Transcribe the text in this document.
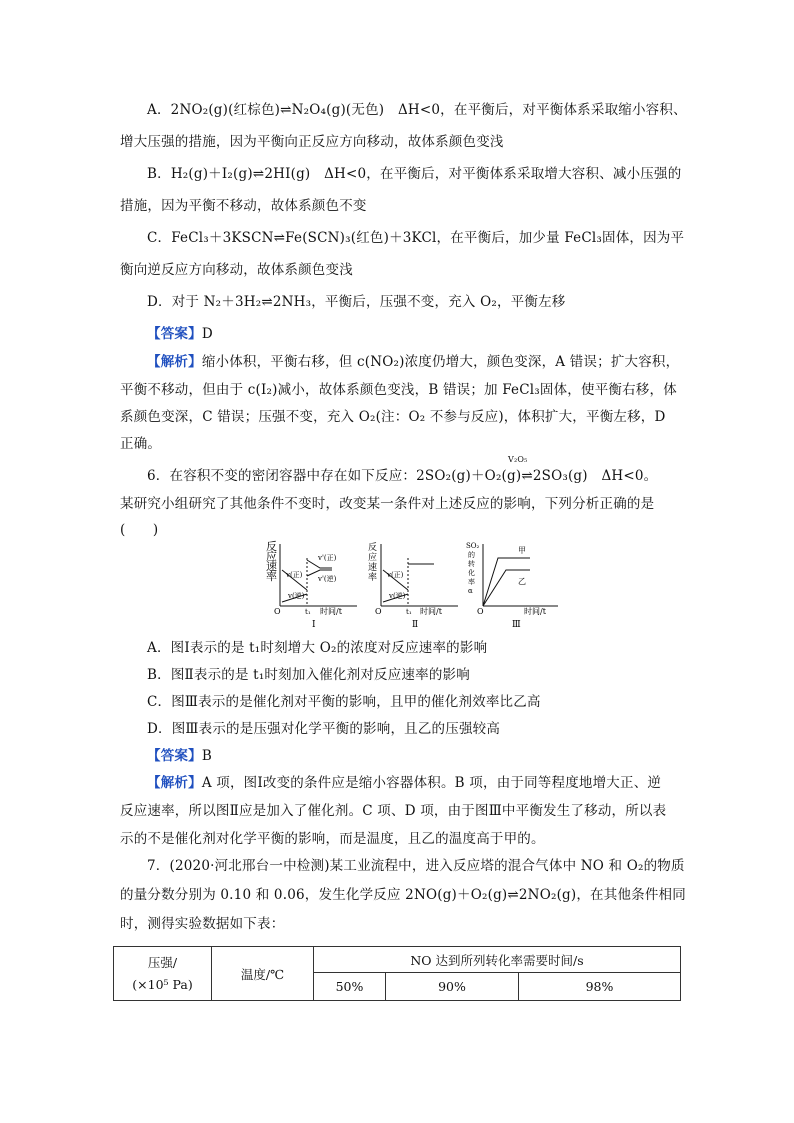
A．2NO₂(g)(红棕色)⇌N₂O₄(g)(无色)　ΔH<0，在平衡后，对平衡体系采取缩小容积、
增大压强的措施，因为平衡向正反应方向移动，故体系颜色变浅
B．H₂(g)＋I₂(g)⇌2HI(g)　ΔH<0，在平衡后，对平衡体系采取增大容积、减小压强的
措施，因为平衡不移动，故体系颜色不变
C．FeCl₃＋3KSCN⇌Fe(SCN)₃(红色)＋3KCl，在平衡后，加少量 FeCl₃固体，因为平
衡向逆反应方向移动，故体系颜色变浅
D．对于 N₂＋3H₂⇌2NH₃，平衡后，压强不变，充入 O₂，平衡左移
【答案】D
【解析】缩小体积，平衡右移，但 c(NO₂)浓度仍增大，颜色变深，A 错误；扩大容积，
平衡不移动，但由于 c(I₂)减小，故体系颜色变浅，B 错误；加 FeCl₃固体，使平衡右移，体
系颜色变深，C 错误；压强不变，充入 O₂(注：O₂ 不参与反应)，体积扩大，平衡左移，D
正确。
V₂O₅
6．在容积不变的密闭容器中存在如下反应：2SO₂(g)＋O₂(g)⇌2SO₃(g)　ΔH<0。
某研究小组研究了其他条件不变时，改变某一条件对上述反应的影响，下列分析正确的是
(　　)
反应速率 v(正)
v(逆)
v'(正)
v'(逆)
O	t₁ 时间/t
Ⅰ
反应速率 v(正)
v(逆)
O	t₁ 时间/t
Ⅱ
SO₂ 的转化率 α
甲
乙
O	时间/t
Ⅲ
A．图Ⅰ表示的是 t₁时刻增大 O₂的浓度对反应速率的影响
B．图Ⅱ表示的是 t₁时刻加入催化剂对反应速率的影响
C．图Ⅲ表示的是催化剂对平衡的影响，且甲的催化剂效率比乙高
D．图Ⅲ表示的是压强对化学平衡的影响，且乙的压强较高
【答案】B
【解析】A 项，图Ⅰ改变的条件应是缩小容器体积。B 项，由于同等程度地增大正、逆
反应速率，所以图Ⅱ应是加入了催化剂。C 项、D 项，由于图Ⅲ中平衡发生了移动，所以表
示的不是催化剂对化学平衡的影响，而是温度，且乙的温度高于甲的。
7．(2020·河北邢台一中检测)某工业流程中，进入反应塔的混合气体中 NO 和 O₂的物质
的量分数分别为 0.10 和 0.06，发生化学反应 2NO(g)＋O₂(g)⇌2NO₂(g)，在其他条件相同
时，测得实验数据如下表：
压强/
(×10⁵ Pa)	温度/℃	NO 达到所列转化率需要时间/s		
		50%	90%	98%
